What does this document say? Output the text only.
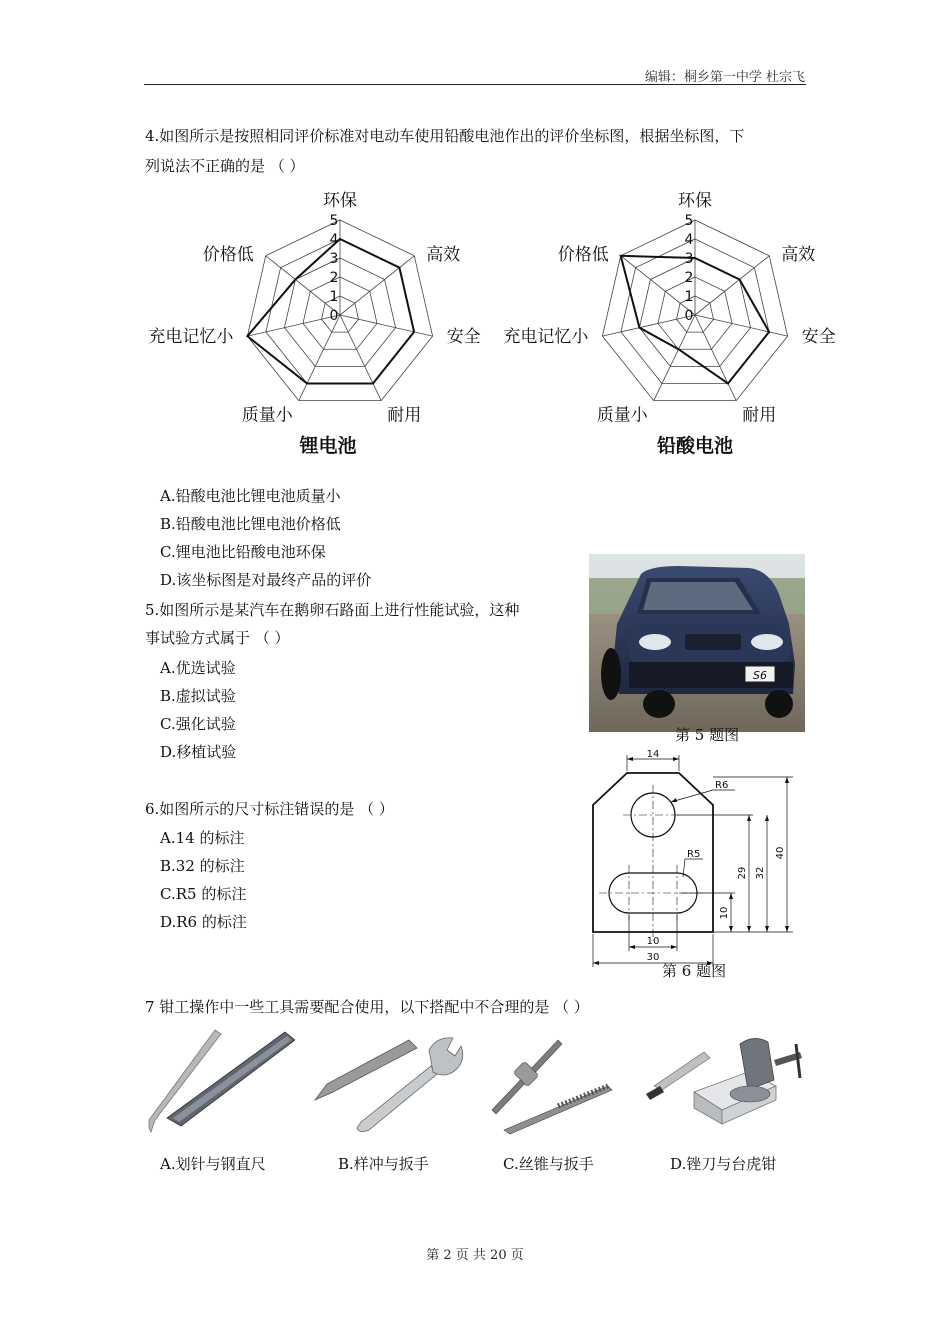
编辑：桐乡第一中学 杜宗飞
4.如图所示是按照相同评价标准对电动车使用铅酸电池作出的评价坐标图，根据坐标图，下
列说法不正确的是 （ ）
0
1
2
3
4
5
环保
高效
安全
耐用
质量小
充电记忆小
价格低
锂电池
0
1
2
3
4
5
环保
高效
安全
耐用
质量小
充电记忆小
价格低
铅酸电池
A.铅酸电池比锂电池质量小
B.铅酸电池比锂电池价格低
C.锂电池比铅酸电池环保
D.该坐标图是对最终产品的评价
5.如图所示是某汽车在鹅卵石路面上进行性能试验，这种
事试验方式属于 （ ）
A.优选试验
B.虚拟试验
C.强化试验
D.移植试验
S6
第 5 题图
6.如图所示的尺寸标注错误的是 （ ）
A.14 的标注
B.32 的标注
C.R5 的标注
D.R6 的标注
14
R6
R5
29 32
40
10
10
30
第 6 题图
7 钳工操作中一些工具需要配合使用，以下搭配中不合理的是 （ ）
A.划针与钢直尺	B.样冲与扳手	C.丝锥与扳手	D.锉刀与台虎钳
第 2 页 共 20 页
